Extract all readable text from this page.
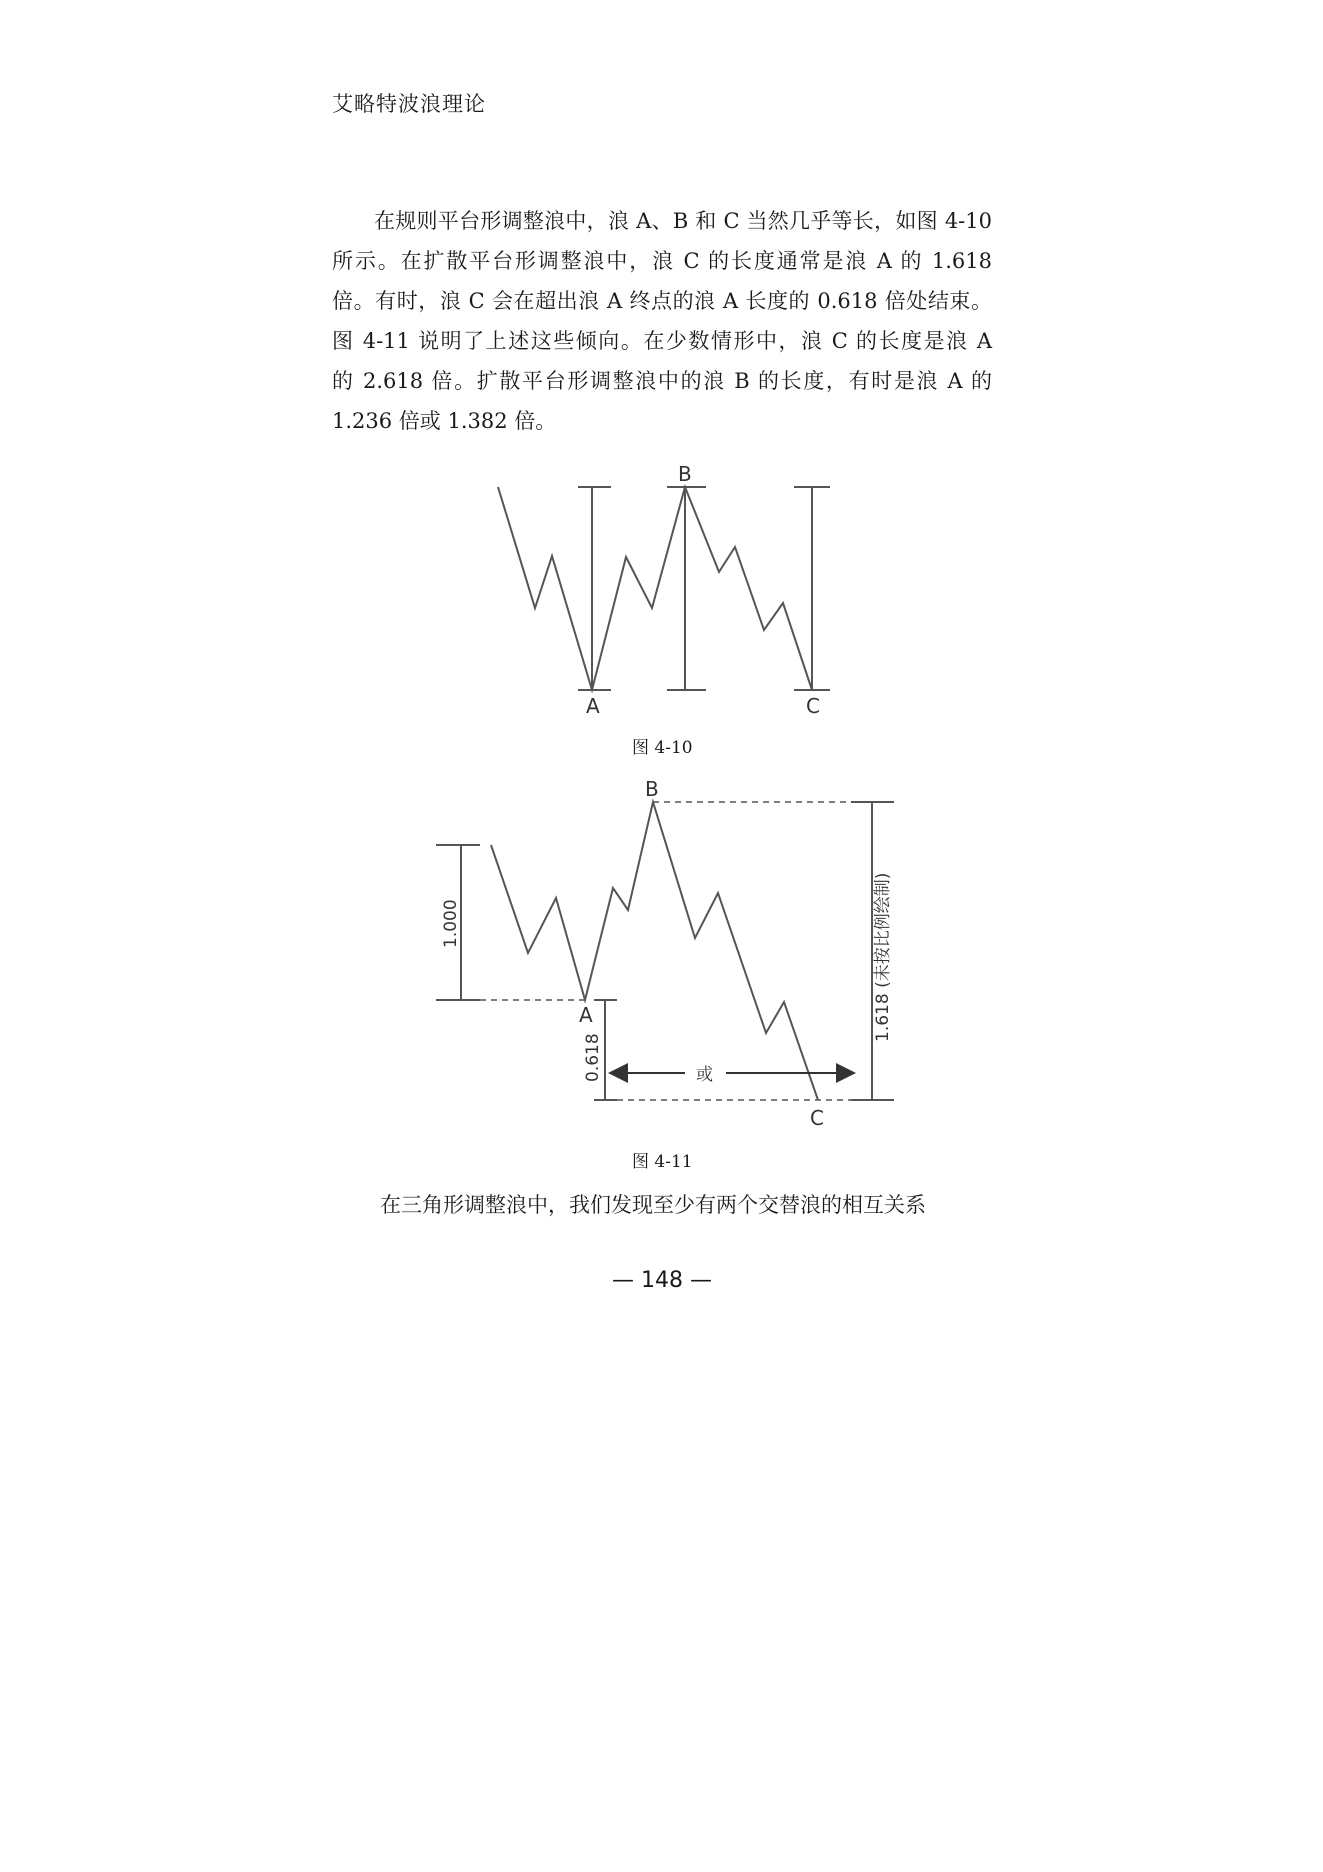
艾略特波浪理论
在规则平台形调整浪中，浪 A、B 和 C 当然几乎等长，如图 4-10
所示。在扩散平台形调整浪中，浪 C 的长度通常是浪 A 的 1.618
倍。有时，浪 C 会在超出浪 A 终点的浪 A 长度的 0.618 倍处结束。
图 4-11 说明了上述这些倾向。在少数情形中，浪 C 的长度是浪 A
的 2.618 倍。扩散平台形调整浪中的浪 B 的长度，有时是浪 A 的
1.236 倍或 1.382 倍。
A
B
C
图 4-10
或
A
B
C
1.000
0.618
1.618 (未按比例绘制)
图 4-11
在三角形调整浪中，我们发现至少有两个交替浪的相互关系
— 148 —
